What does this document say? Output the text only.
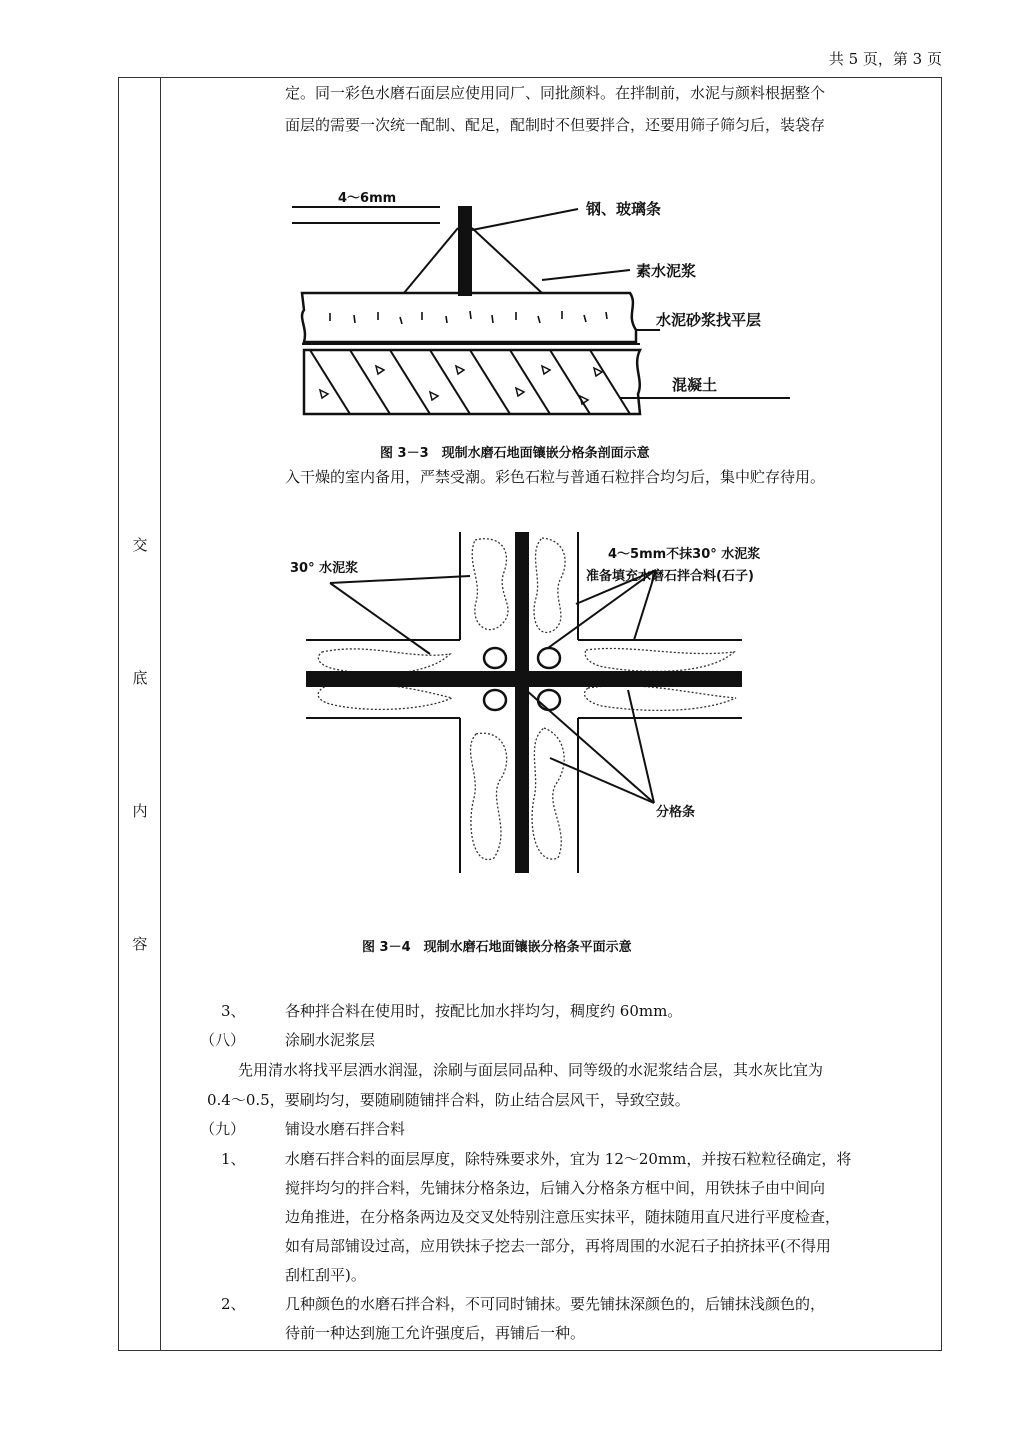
共 5 页，第 3 页
交
底
内
容
定。同一彩色水磨石面层应使用同厂、同批颜料。在拌制前，水泥与颜料根据整个
面层的需要一次统一配制、配足，配制时不但要拌合，还要用筛子筛匀后，装袋存
4～6mm
钢、玻璃条
素水泥浆
水泥砂浆找平层
混凝土
图 3－3　现制水磨石地面镶嵌分格条剖面示意
入干燥的室内备用，严禁受潮。彩色石粒与普通石粒拌合均匀后，集中贮存待用。
30° 水泥浆
4～5mm不抹30° 水泥浆
准备填充水磨石拌合料(石子)
分格条
图 3－4　现制水磨石地面镶嵌分格条平面示意
3、	各种拌合料在使用时，按配比加水拌均匀，稠度约 60mm。
（八）	涂刷水泥浆层
先用清水将找平层洒水润湿，涂刷与面层同品种、同等级的水泥浆结合层，其水灰比宜为
0.4～0.5，要刷均匀，要随刷随铺拌合料，防止结合层风干，导致空鼓。
（九）	铺设水磨石拌合料
1、	水磨石拌合料的面层厚度，除特殊要求外，宜为 12～20mm，并按石粒粒径确定，将
搅拌均匀的拌合料，先铺抹分格条边，后铺入分格条方框中间，用铁抹子由中间向
边角推进，在分格条两边及交叉处特别注意压实抹平，随抹随用直尺进行平度检查，
如有局部铺设过高，应用铁抹子挖去一部分，再将周围的水泥石子拍挤抹平(不得用
刮杠刮平)。
2、	几种颜色的水磨石拌合料，不可同时铺抹。要先铺抹深颜色的，后铺抹浅颜色的，
待前一种达到施工允许强度后，再铺后一种。
